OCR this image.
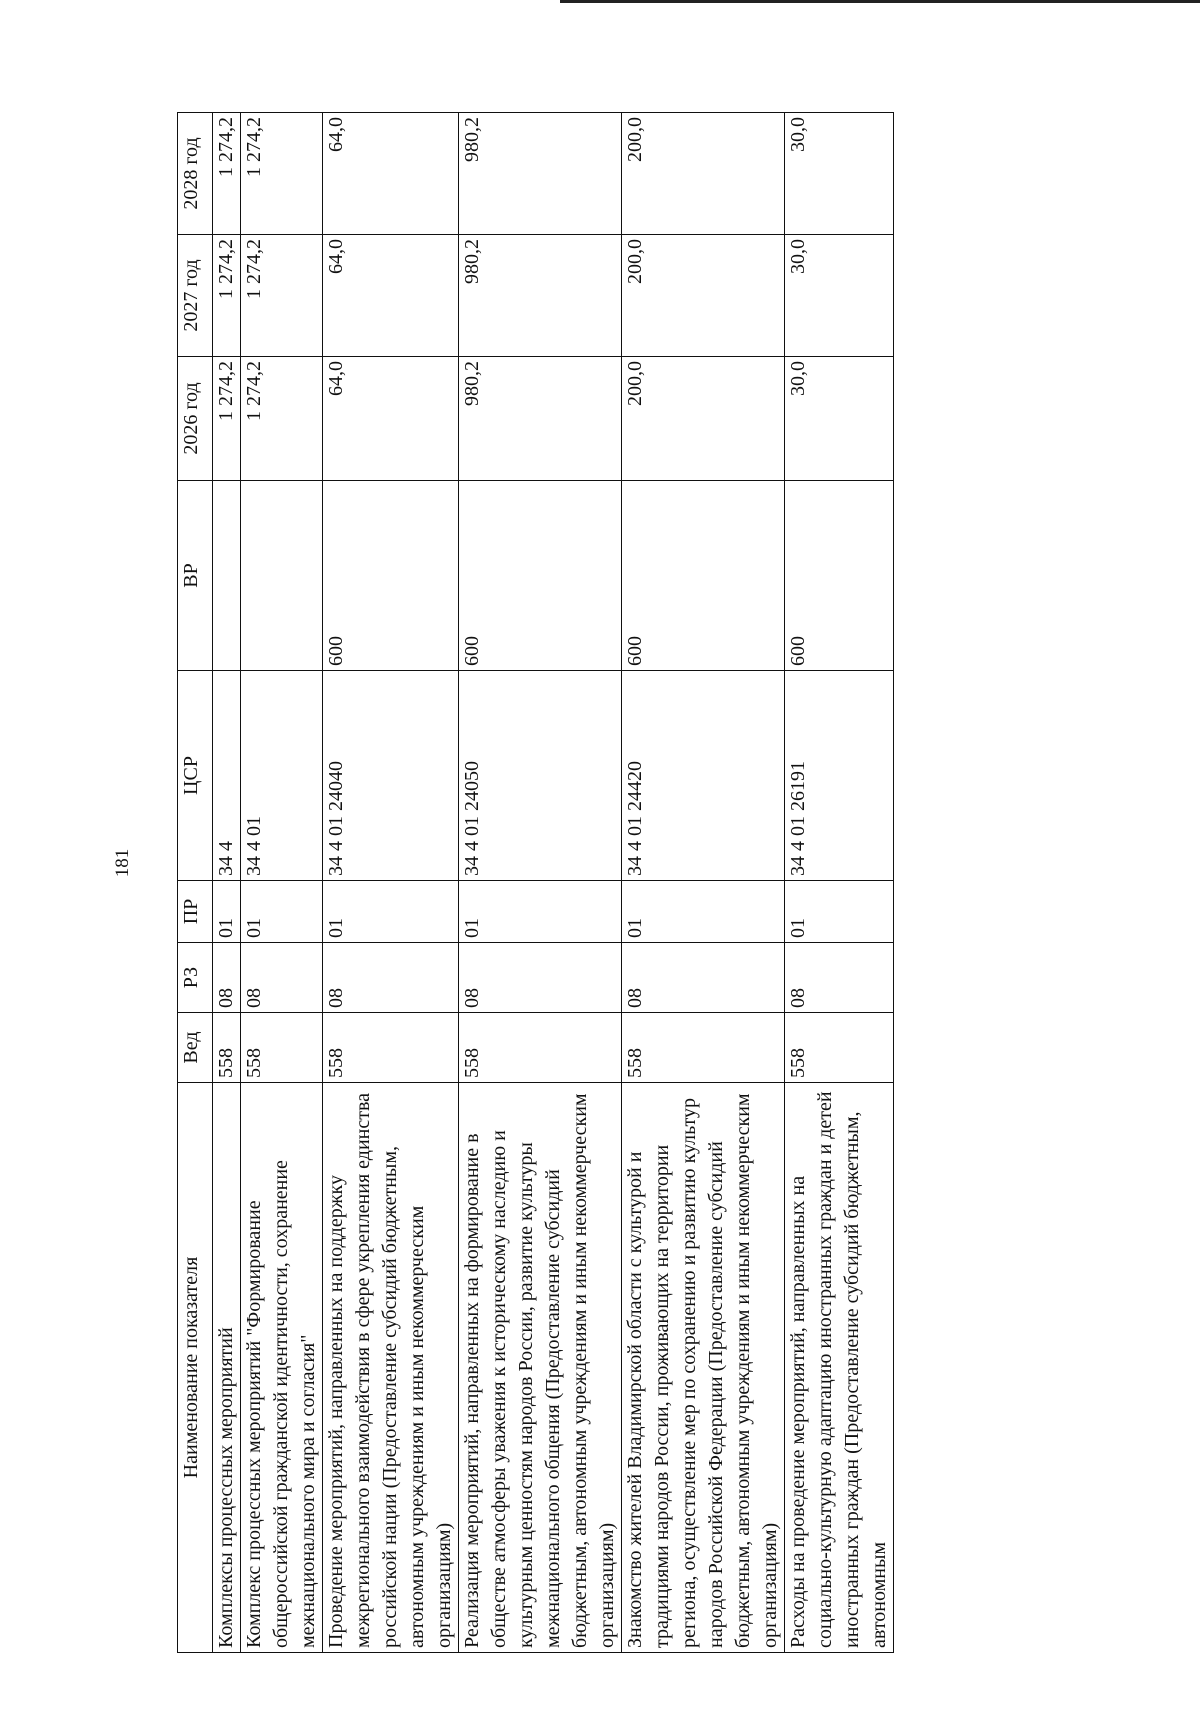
181
Наименование показателя	Вед	РЗ	ПР	ЦСР	ВР	2026 год	2027 год	2028 год
Комплексы процессных мероприятий	558	08	01	34 4		1 274,2	1 274,2	1 274,2
Комплекс процессных мероприятий "Формирование общероссийской гражданской идентичности, сохранение межнационального мира и согласия"	558	08	01	34 4 01		1 274,2	1 274,2	1 274,2
Проведение мероприятий, направленных на поддержку межрегионального взаимодействия в сфере укрепления единства российской нации (Предоставление субсидий бюджетным, автономным учреждениям и иным некоммерческим организациям)	558	08	01	34 4 01 24040	600	64,0	64,0	64,0
Реализация мероприятий, направленных на формирование в обществе атмосферы уважения к историческому наследию и культурным ценностям народов России, развитие культуры межнационального общения (Предоставление субсидий бюджетным, автономным учреждениям и иным некоммерческим организациям)	558	08	01	34 4 01 24050	600	980,2	980,2	980,2
Знакомство жителей Владимирской области с культурой и традициями народов России, проживающих на территории региона, осуществление мер по сохранению и развитию культур народов Российской Федерации (Предоставление субсидий бюджетным, автономным учреждениям и иным некоммерческим организациям)	558	08	01	34 4 01 24420	600	200,0	200,0	200,0
Расходы на проведение мероприятий, направленных на социально-культурную адаптацию иностранных граждан и детей иностранных граждан (Предоставление субсидий бюджетным, автономным	558	08	01	34 4 01 26191	600	30,0	30,0	30,0
